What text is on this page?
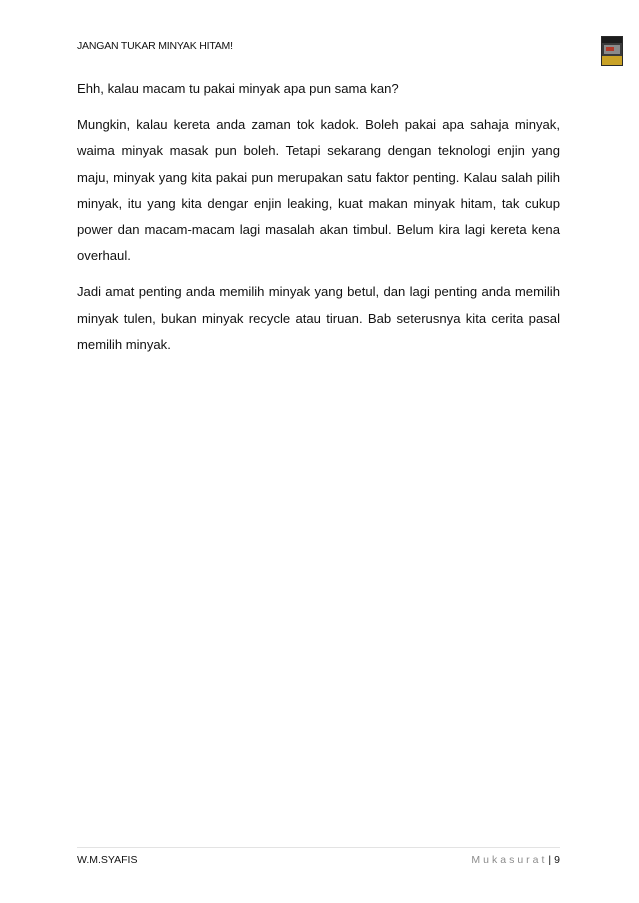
JANGAN TUKAR MINYAK HITAM!

Ehh, kalau macam tu pakai minyak apa pun sama kan?

Mungkin, kalau kereta anda zaman tok kadok. Boleh pakai apa sahaja minyak, waima minyak masak pun boleh. Tetapi sekarang dengan teknologi enjin yang maju, minyak yang kita pakai pun merupakan satu faktor penting. Kalau salah pilih minyak, itu yang kita dengar enjin leaking, kuat makan minyak hitam, tak cukup power dan macam-macam lagi masalah akan timbul. Belum kira lagi kereta kena overhaul.

Jadi amat penting anda memilih minyak yang betul, dan lagi penting anda memilih minyak tulen, bukan minyak recycle atau tiruan. Bab seterusnya kita cerita pasal memilih minyak.

W.M.SYAFIS	Mukasurat| 9
